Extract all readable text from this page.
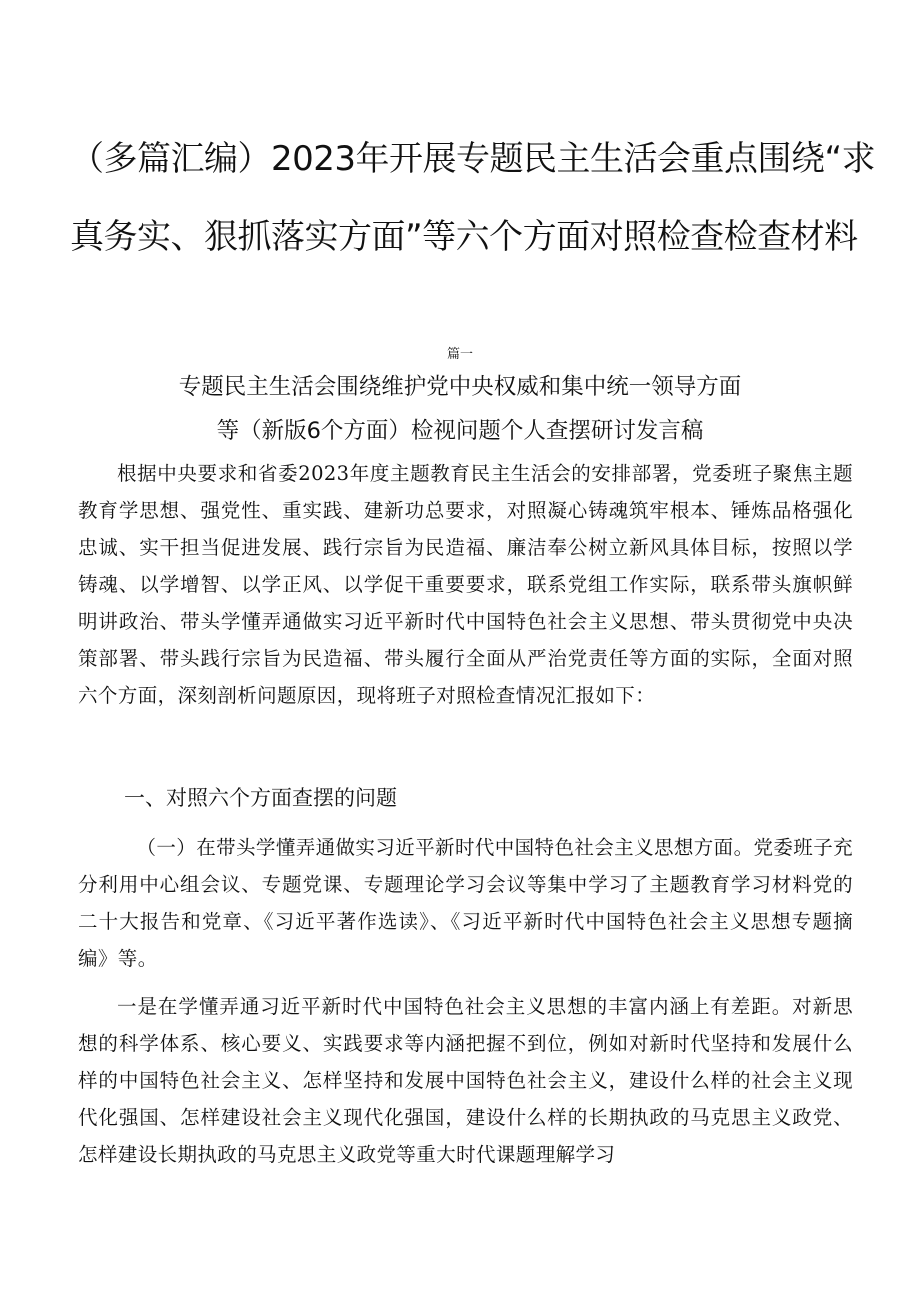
（多篇汇编）2023年开展专题民主生活会重点围绕“求
真务实、狠抓落实方面”等六个方面对照检查检查材料
篇一
专题民主生活会围绕维护党中央权威和集中统一领导方面
等（新版6个方面）检视问题个人查摆研讨发言稿

根据中央要求和省委2023年度主题教育民主生活会的安排部署，党委班子聚焦主题教育学思想、强党性、重实践、建新功总要求，对照凝心铸魂筑牢根本、锤炼品格强化忠诚、实干担当促进发展、践行宗旨为民造福、廉洁奉公树立新风具体目标，按照以学铸魂、以学增智、以学正风、以学促干重要要求，联系党组工作实际，联系带头旗帜鲜明讲政治、带头学懂弄通做实习近平新时代中国特色社会主义思想、带头贯彻党中央决策部署、带头践行宗旨为民造福、带头履行全面从严治党责任等方面的实际，全面对照六个方面，深刻剖析问题原因，现将班子对照检查情况汇报如下：

一、对照六个方面查摆的问题

（一）在带头学懂弄通做实习近平新时代中国特色社会主义思想方面。党委班子充分利用中心组会议、专题党课、专题理论学习会议等集中学习了主题教育学习材料党的二十大报告和党章、《习近平著作选读》、《习近平新时代中国特色社会主义思想专题摘编》等。

一是在学懂弄通习近平新时代中国特色社会主义思想的丰富内涵上有差距。对新思想的科学体系、核心要义、实践要求等内涵把握不到位，例如对新时代坚持和发展什么样的中国特色社会主义、怎样坚持和发展中国特色社会主义，建设什么样的社会主义现代化强国、怎样建设社会主义现代化强国，建设什么样的长期执政的马克思主义政党、怎样建设长期执政的马克思主义政党等重大时代课题理解学习
